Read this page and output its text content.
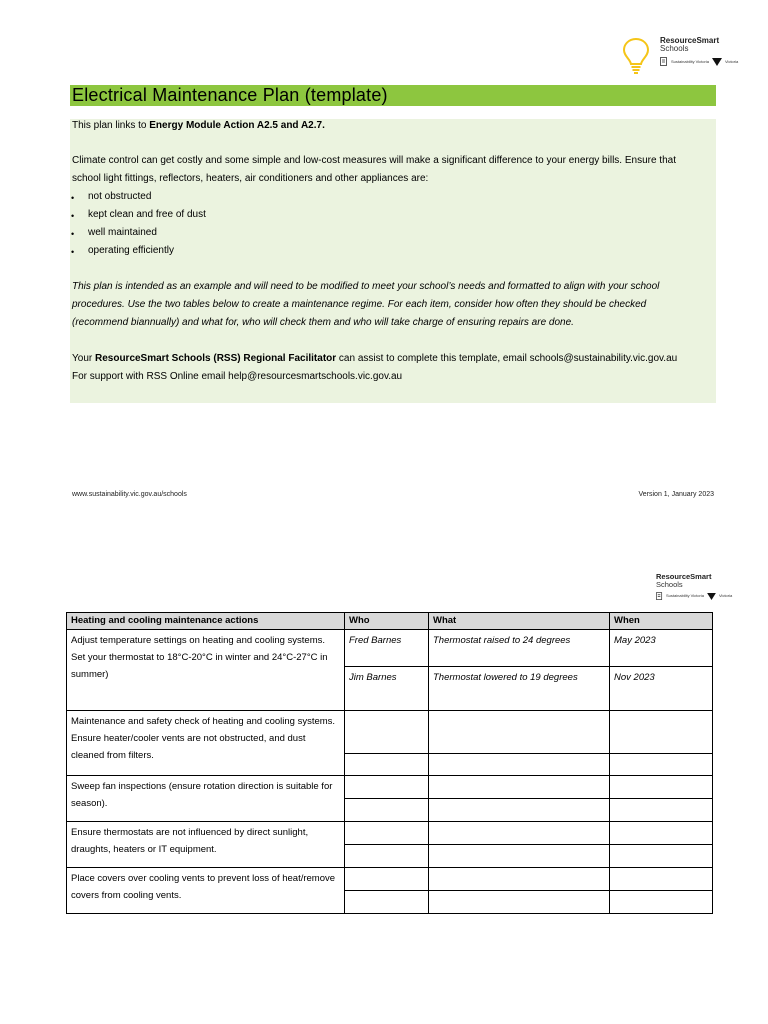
ResourceSmart
Schools
Sustainability Victoria	Victoria
Electrical Maintenance Plan (template)
This plan links to Energy Module Action A2.5 and A2.7.
Climate control can get costly and some simple and low-cost measures will make a significant difference to your energy bills. Ensure that
school light fittings, reflectors, heaters, air conditioners and other appliances are:
• not obstructed
• kept clean and free of dust
• well maintained
• operating efficiently
This plan is intended as an example and will need to be modified to meet your school’s needs and formatted to align with your school
procedures. Use the two tables below to create a maintenance regime. For each item, consider how often they should be checked
(recommend biannually) and what for, who will check them and who will take charge of ensuring repairs are done.
Your ResourceSmart Schools (RSS) Regional Facilitator can assist to complete this template, email schools@sustainability.vic.gov.au
For support with RSS Online email help@resourcesmartschools.vic.gov.au
www.sustainability.vic.gov.au/schools	Version 1, January 2023
ResourceSmart
Schools
Sustainability Victoria	Victoria
Heating and cooling maintenance actions	Who	What	When
Adjust temperature settings on heating and cooling systems. Set your thermostat to 18°C-20°C in winter and 24°C-27°C in summer)	Fred Barnes	Thermostat raised to 24 degrees	May 2023
	Jim Barnes	Thermostat lowered to 19 degrees	Nov 2023
Maintenance and safety check of heating and cooling systems. Ensure heater/cooler vents are not obstructed, and dust cleaned from filters.			

Sweep fan inspections (ensure rotation direction is suitable for season).			

Ensure thermostats are not influenced by direct sunlight, draughts, heaters or IT equipment.			

Place covers over cooling vents to prevent loss of heat/remove covers from cooling vents.			
